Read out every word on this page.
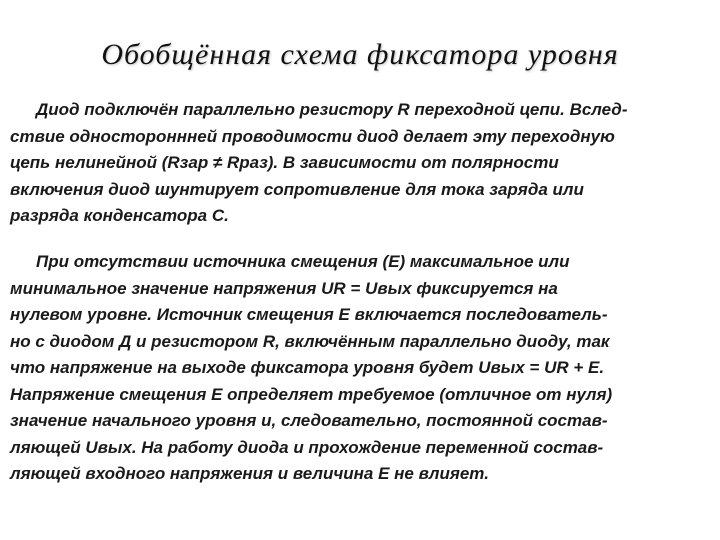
Обобщённая схема фиксатора уровня
Диод подключён параллельно резистору R переходной цепи. Вслед-
ствие одностороннней проводимости диод делает эту переходную
цепь нелинейной (Rзар ≠ Rраз). В зависимости от полярности
включения диод шунтирует сопротивление для тока заряда или
разряда конденсатора C.
При отсутствии источника смещения (E) максимальное или
минимальное значение напряжения UR = Uвых фиксируется на
нулевом уровне. Источник смещения E включается последователь-
но с диодом Д и резистором R, включённым параллельно диоду, так
что напряжение на выходе фиксатора уровня будет Uвых = UR + E.
Напряжение смещения E определяет требуемое (отличное от нуля)
значение начального уровня и, следовательно, постоянной состав-
ляющей Uвых. На работу диода и прохождение переменной состав-
ляющей входного напряжения и величина E не влияет.
